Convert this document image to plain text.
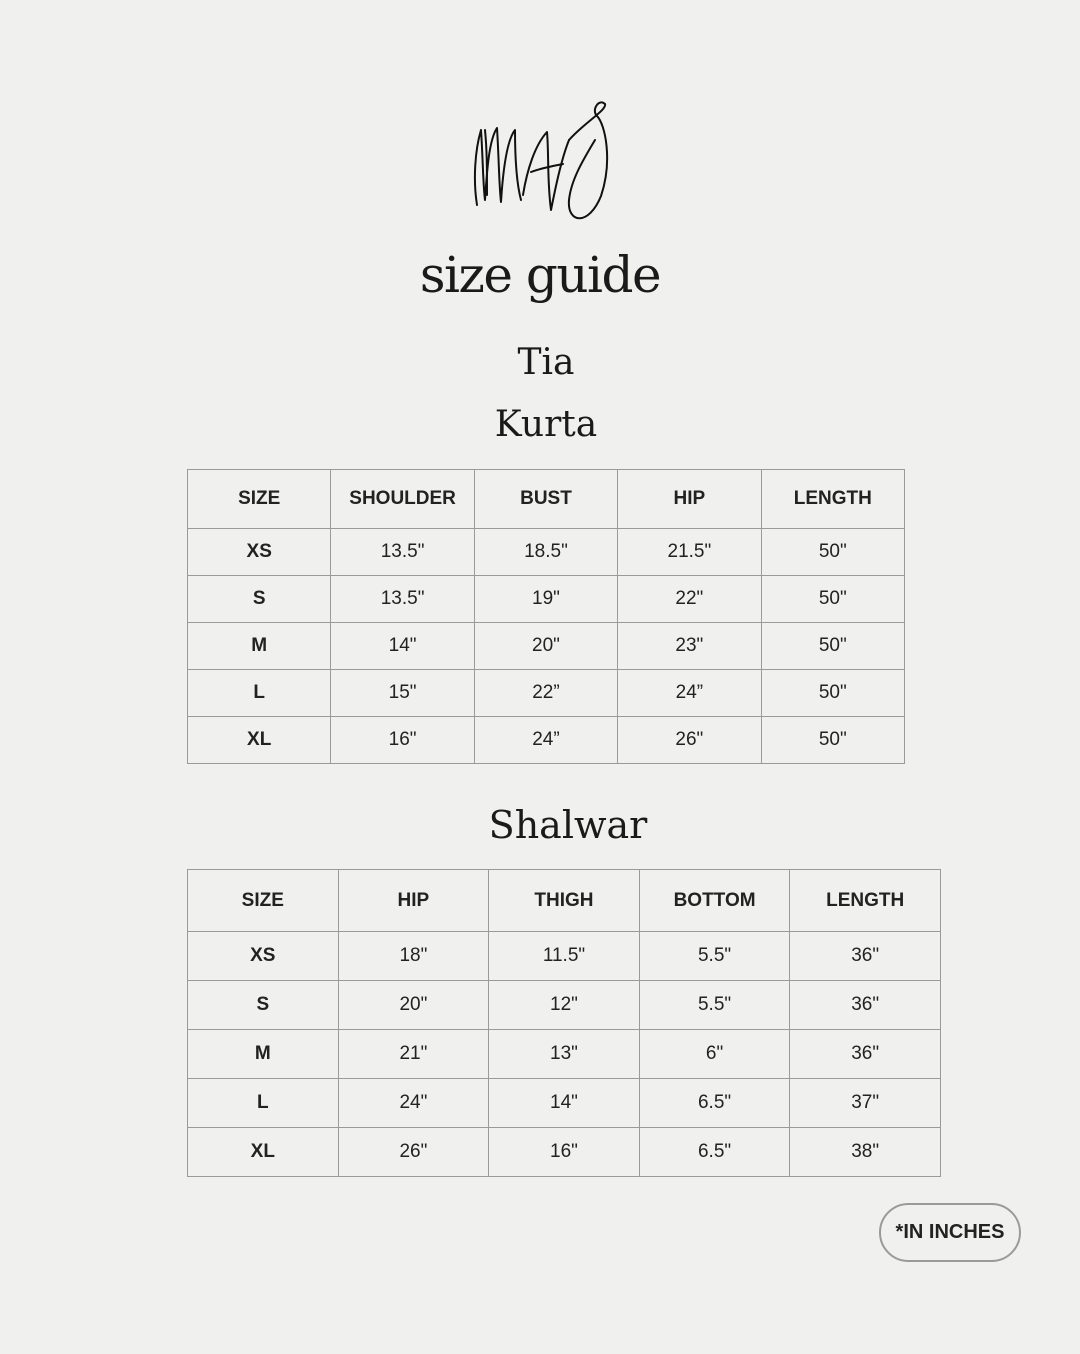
size guide
Tia
Kurta
SIZE	SHOULDER	BUST	HIP	LENGTH
XS	13.5"	18.5"	21.5"	50"
S	13.5"	19"	22"	50"
M	14"	20"	23"	50"
L	15"	22”	24”	50"
XL	16"	24”	26"	50"
Shalwar
SIZE	HIP	THIGH	BOTTOM	LENGTH
XS	18"	11.5"	5.5"	36"
S	20"	12"	5.5"	36"
M	21"	13"	6"	36"
L	24"	14"	6.5"	37"
XL	26"	16"	6.5"	38"
*IN INCHES
